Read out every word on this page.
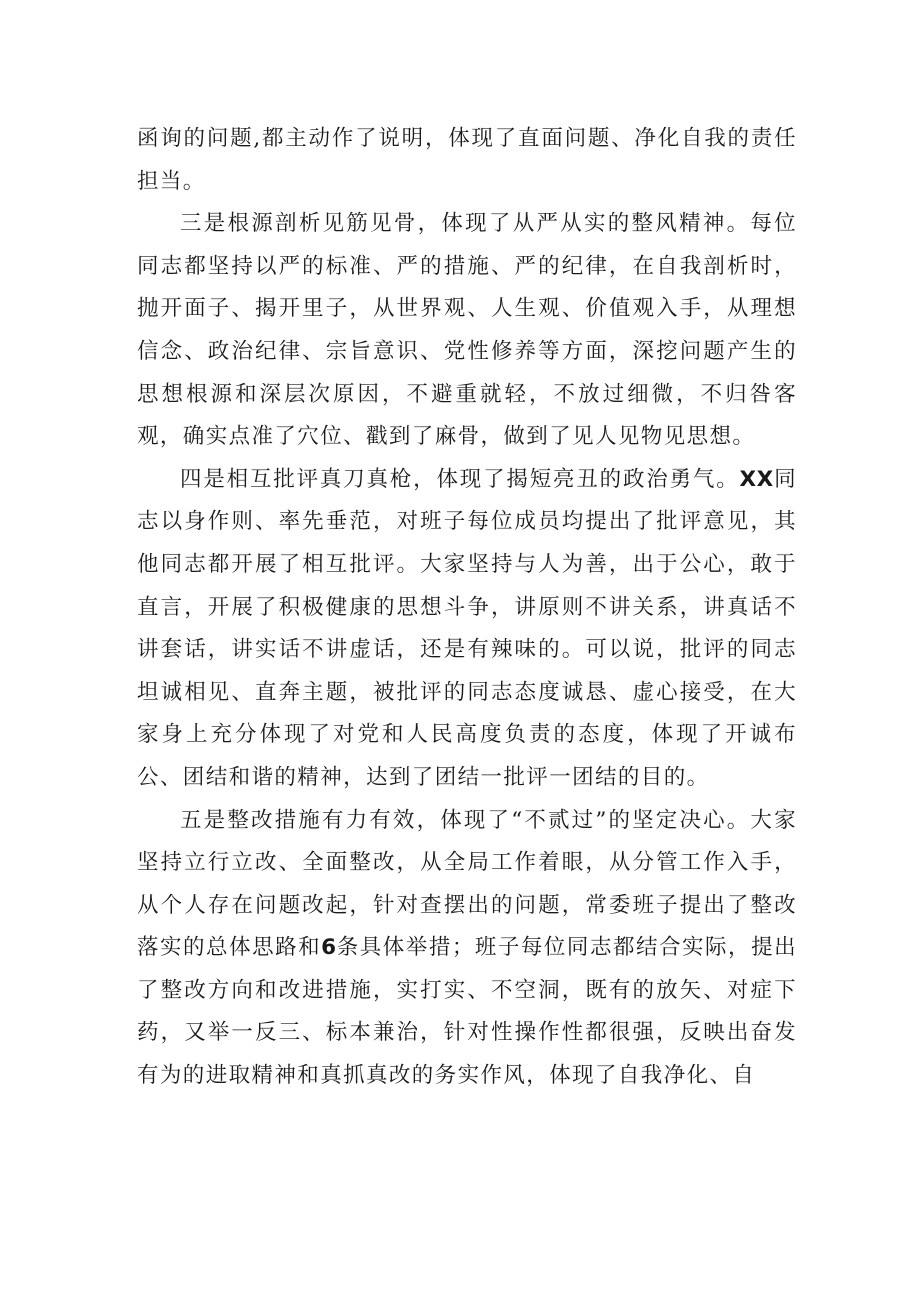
函询的问题,都主动作了说明，体现了直面问题、净化自我的责任担当。

三是根源剖析见筋见骨，体现了从严从实的整风精神。每位同志都坚持以严的标准、严的措施、严的纪律，在自我剖析时，抛开面子、揭开里子，从世界观、人生观、价值观入手，从理想信念、政治纪律、宗旨意识、党性修养等方面，深挖问题产生的思想根源和深层次原因，不避重就轻，不放过细微，不归咎客观，确实点准了穴位、戳到了麻骨，做到了见人见物见思想。

四是相互批评真刀真枪，体现了揭短亮丑的政治勇气。XX同志以身作则、率先垂范，对班子每位成员均提出了批评意见，其他同志都开展了相互批评。大家坚持与人为善，出于公心，敢于直言，开展了积极健康的思想斗争，讲原则不讲关系，讲真话不讲套话，讲实话不讲虚话，还是有辣味的。可以说，批评的同志坦诚相见、直奔主题，被批评的同志态度诚恳、虚心接受，在大家身上充分体现了对党和人民高度负责的态度，体现了开诚布公、团结和谐的精神，达到了团结一批评一团结的目的。

五是整改措施有力有效，体现了“不贰过”的坚定决心。大家坚持立行立改、全面整改，从全局工作着眼，从分管工作入手，从个人存在问题改起，针对查摆出的问题，常委班子提出了整改落实的总体思路和6条具体举措；班子每位同志都结合实际，提出了整改方向和改进措施，实打实、不空洞，既有的放矢、对症下药，又举一反三、标本兼治，针对性操作性都很强，反映出奋发有为的进取精神和真抓真改的务实作风，体现了自我净化、自
